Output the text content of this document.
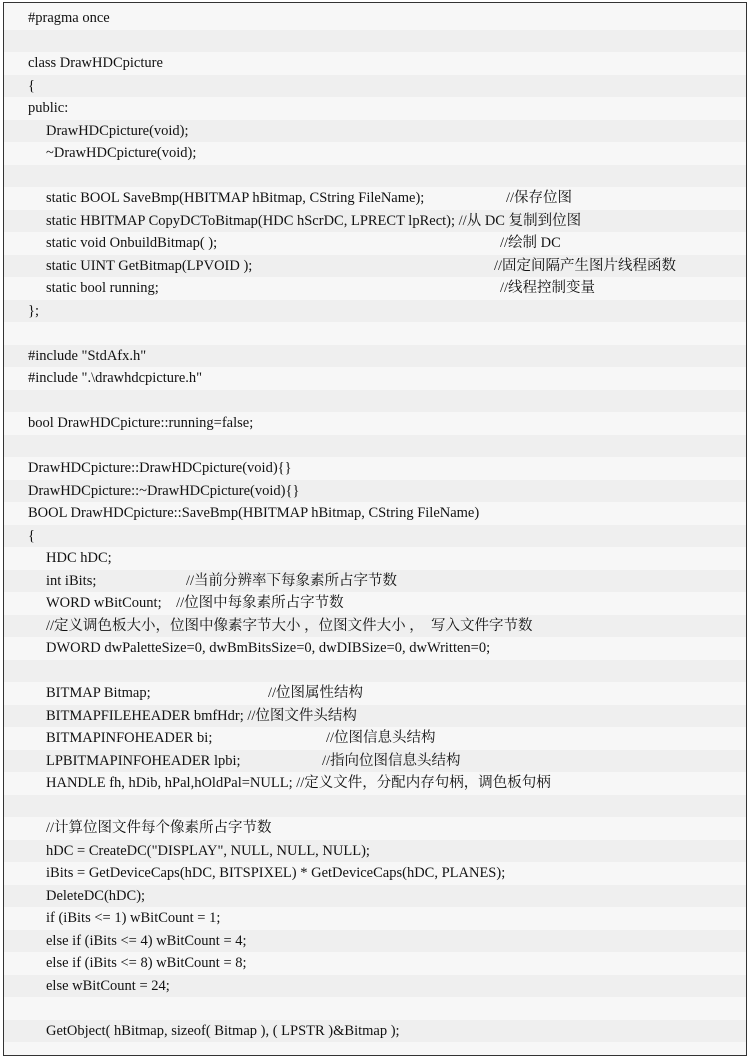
#pragma once
class DrawHDCpicture
{
public:
DrawHDCpicture(void);
~DrawHDCpicture(void);
static BOOL SaveBmp(HBITMAP hBitmap, CString FileName);	//保存位图
static HBITMAP CopyDCToBitmap(HDC hScrDC, LPRECT lpRect); //从 DC 复制到位图
static void OnbuildBitmap( );	//绘制 DC
static UINT GetBitmap(LPVOID );	//固定间隔产生图片线程函数
static bool running;	//线程控制变量
};
#include "StdAfx.h"
#include ".\drawhdcpicture.h"
bool DrawHDCpicture::running=false;
DrawHDCpicture::DrawHDCpicture(void){}
DrawHDCpicture::~DrawHDCpicture(void){}
BOOL DrawHDCpicture::SaveBmp(HBITMAP hBitmap, CString FileName)
{
HDC hDC;
int iBits;	//当前分辨率下每象素所占字节数
WORD wBitCount;    //位图中每象素所占字节数
//定义调色板大小，位图中像素字节大小 ，位图文件大小 ，  写入文件字节数
DWORD dwPaletteSize=0, dwBmBitsSize=0, dwDIBSize=0, dwWritten=0;
BITMAP Bitmap;	//位图属性结构
BITMAPFILEHEADER bmfHdr; //位图文件头结构
BITMAPINFOHEADER bi;	//位图信息头结构
LPBITMAPINFOHEADER lpbi;	//指向位图信息头结构
HANDLE fh, hDib, hPal,hOldPal=NULL; //定义文件，分配内存句柄，调色板句柄
//计算位图文件每个像素所占字节数
hDC = CreateDC("DISPLAY", NULL, NULL, NULL);
iBits = GetDeviceCaps(hDC, BITSPIXEL) * GetDeviceCaps(hDC, PLANES);
DeleteDC(hDC);
if (iBits <= 1) wBitCount = 1;
else if (iBits <= 4) wBitCount = 4;
else if (iBits <= 8) wBitCount = 8;
else wBitCount = 24;
GetObject( hBitmap, sizeof( Bitmap ), ( LPSTR )&Bitmap );
